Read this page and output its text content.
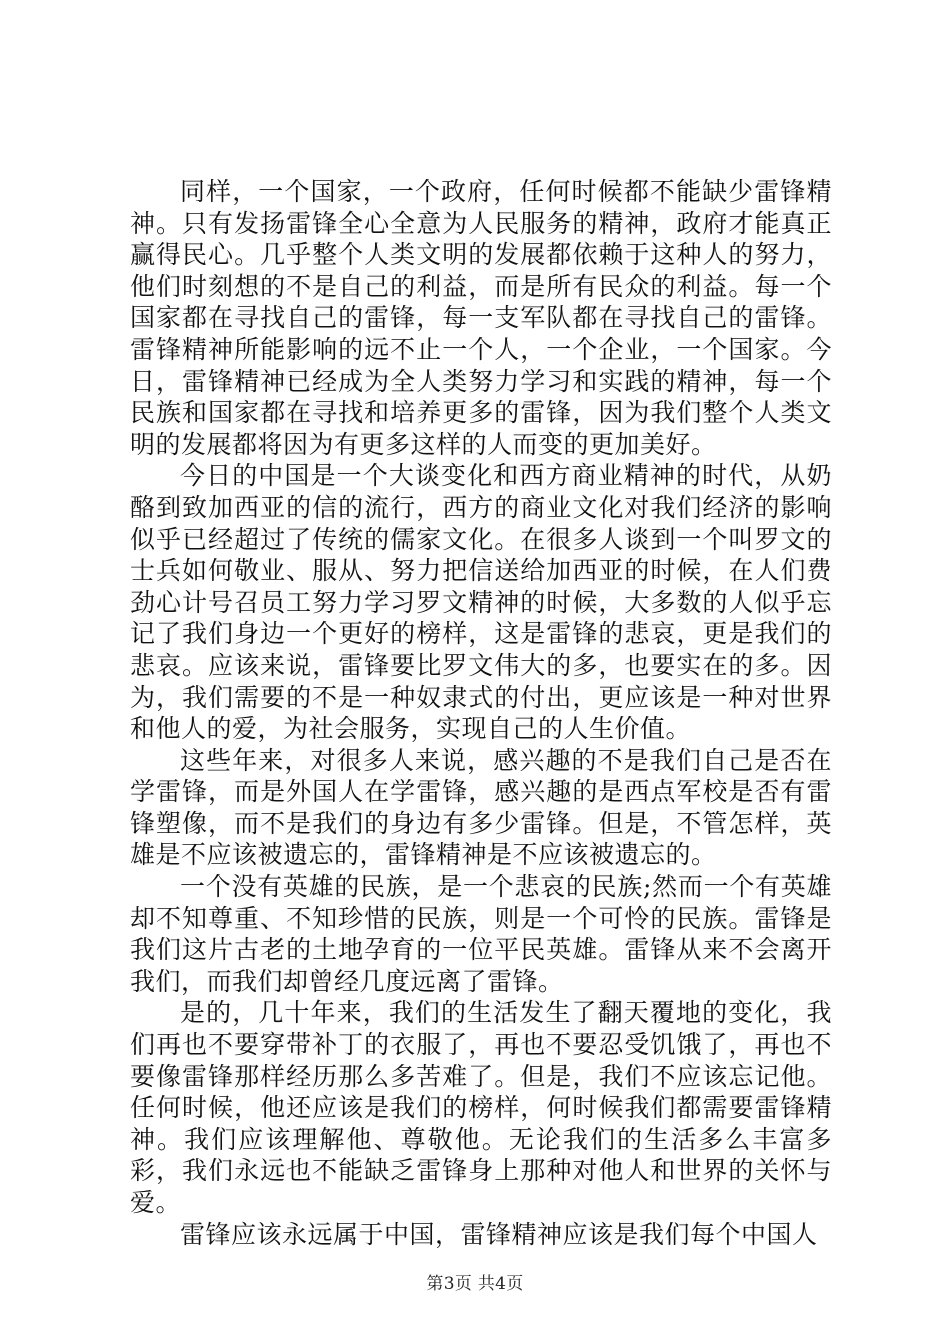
同样，一个国家，一个政府，任何时候都不能缺少雷锋精神。只有发扬雷锋全心全意为人民服务的精神，政府才能真正赢得民心。几乎整个人类文明的发展都依赖于这种人的努力，他们时刻想的不是自己的利益，而是所有民众的利益。每一个国家都在寻找自己的雷锋，每一支军队都在寻找自己的雷锋。雷锋精神所能影响的远不止一个人，一个企业，一个国家。今日，雷锋精神已经成为全人类努力学习和实践的精神，每一个民族和国家都在寻找和培养更多的雷锋，因为我们整个人类文明的发展都将因为有更多这样的人而变的更加美好。

今日的中国是一个大谈变化和西方商业精神的时代，从奶酪到致加西亚的信的流行，西方的商业文化对我们经济的影响似乎已经超过了传统的儒家文化。在很多人谈到一个叫罗文的士兵如何敬业、服从、努力把信送给加西亚的时候，在人们费劲心计号召员工努力学习罗文精神的时候，大多数的人似乎忘记了我们身边一个更好的榜样，这是雷锋的悲哀，更是我们的悲哀。应该来说，雷锋要比罗文伟大的多，也要实在的多。因为，我们需要的不是一种奴隶式的付出，更应该是一种对世界和他人的爱，为社会服务，实现自己的人生价值。

这些年来，对很多人来说，感兴趣的不是我们自己是否在学雷锋，而是外国人在学雷锋，感兴趣的是西点军校是否有雷锋塑像，而不是我们的身边有多少雷锋。但是，不管怎样，英雄是不应该被遗忘的，雷锋精神是不应该被遗忘的。

一个没有英雄的民族，是一个悲哀的民族;然而一个有英雄却不知尊重、不知珍惜的民族，则是一个可怜的民族。雷锋是我们这片古老的土地孕育的一位平民英雄。雷锋从来不会离开我们，而我们却曾经几度远离了雷锋。

是的，几十年来，我们的生活发生了翻天覆地的变化，我们再也不要穿带补丁的衣服了，再也不要忍受饥饿了，再也不要像雷锋那样经历那么多苦难了。但是，我们不应该忘记他。任何时候，他还应该是我们的榜样，何时候我们都需要雷锋精神。我们应该理解他、尊敬他。无论我们的生活多么丰富多彩，我们永远也不能缺乏雷锋身上那种对他人和世界的关怀与爱。

雷锋应该永远属于中国，雷锋精神应该是我们每个中国人

第3页 共4页
